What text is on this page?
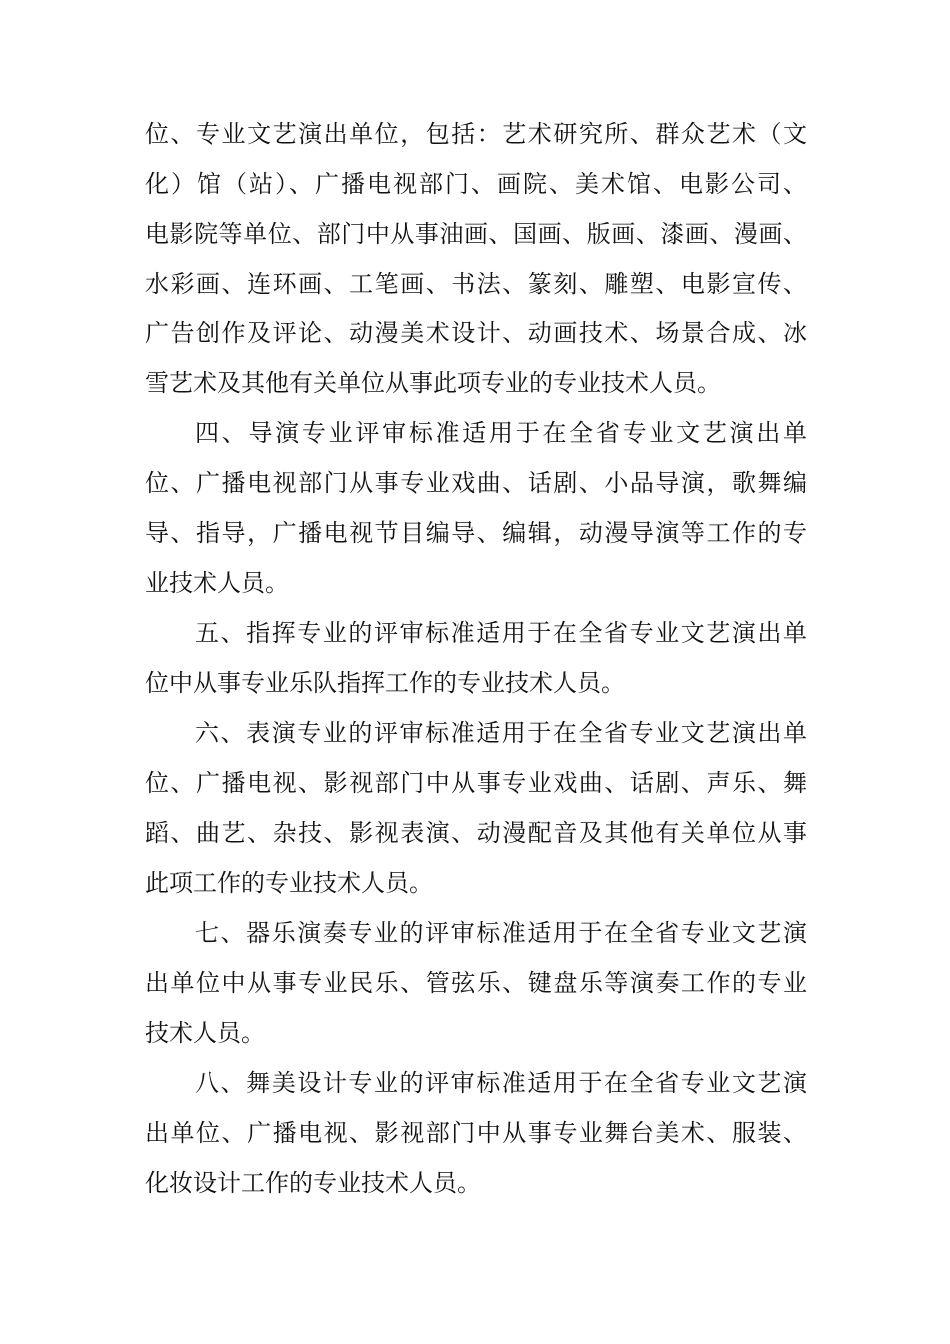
位、专业文艺演出单位，包括：艺术研究所、群众艺术（文
化）馆（站）、广播电视部门、画院、美术馆、电影公司、
电影院等单位、部门中从事油画、国画、版画、漆画、漫画、
水彩画、连环画、工笔画、书法、篆刻、雕塑、电影宣传、
广告创作及评论、动漫美术设计、动画技术、场景合成、冰
雪艺术及其他有关单位从事此项专业的专业技术人员。
四、导演专业评审标准适用于在全省专业文艺演出单
位、广播电视部门从事专业戏曲、话剧、小品导演，歌舞编
导、指导，广播电视节目编导、编辑，动漫导演等工作的专
业技术人员。
五、指挥专业的评审标准适用于在全省专业文艺演出单
位中从事专业乐队指挥工作的专业技术人员。
六、表演专业的评审标准适用于在全省专业文艺演出单
位、广播电视、影视部门中从事专业戏曲、话剧、声乐、舞
蹈、曲艺、杂技、影视表演、动漫配音及其他有关单位从事
此项工作的专业技术人员。
七、器乐演奏专业的评审标准适用于在全省专业文艺演
出单位中从事专业民乐、管弦乐、键盘乐等演奏工作的专业
技术人员。
八、舞美设计专业的评审标准适用于在全省专业文艺演
出单位、广播电视、影视部门中从事专业舞台美术、服装、
化妆设计工作的专业技术人员。
